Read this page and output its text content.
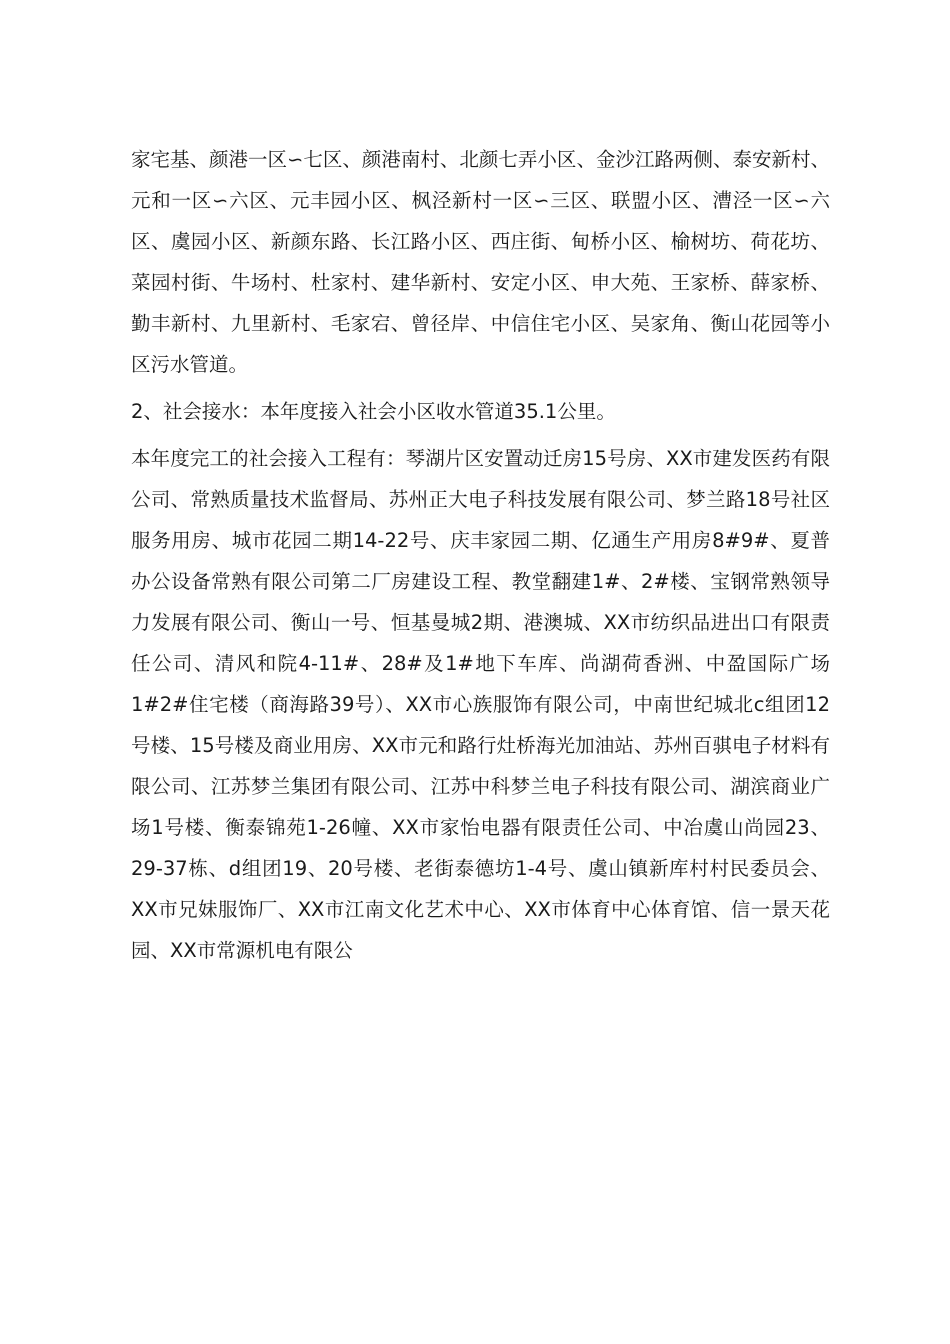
家宅基、颜港一区∽七区、颜港南村、北颜七弄小区、金沙江路两侧、泰安新村、元和一区∽六区、元丰园小区、枫泾新村一区∽三区、联盟小区、漕泾一区∽六区、虞园小区、新颜东路、长江路小区、西庄街、甸桥小区、榆树坊、荷花坊、菜园村街、牛场村、杜家村、建华新村、安定小区、申大苑、王家桥、薛家桥、勤丰新村、九里新村、毛家宕、曾径岸、中信住宅小区、吴家角、衡山花园等小区污水管道。

2、社会接水：本年度接入社会小区收水管道35.1公里。

本年度完工的社会接入工程有：琴湖片区安置动迁房15号房、XX市建发医药有限公司、常熟质量技术监督局、苏州正大电子科技发展有限公司、梦兰路18号社区服务用房、城市花园二期14-22号、庆丰家园二期、亿通生产用房8#9#、夏普办公设备常熟有限公司第二厂房建设工程、教堂翻建1#、2#楼、宝钢常熟领导力发展有限公司、衡山一号、恒基曼城2期、港澳城、XX市纺织品进出口有限责任公司、清风和院4-11#、28#及1#地下车库、尚湖荷香洲、中盈国际广场1#2#住宅楼（商海路39号）、XX市心族服饰有限公司，中南世纪城北c组团12号楼、15号楼及商业用房、XX市元和路行灶桥海光加油站、苏州百骐电子材料有限公司、江苏梦兰集团有限公司、江苏中科梦兰电子科技有限公司、湖滨商业广场1号楼、衡泰锦苑1-26幢、XX市家怡电器有限责任公司、中冶虞山尚园23、29-37栋、d组团19、20号楼、老街泰德坊1-4号、虞山镇新库村村民委员会、XX市兄妹服饰厂、XX市江南文化艺术中心、XX市体育中心体育馆、信一景天花园、XX市常源机电有限公
